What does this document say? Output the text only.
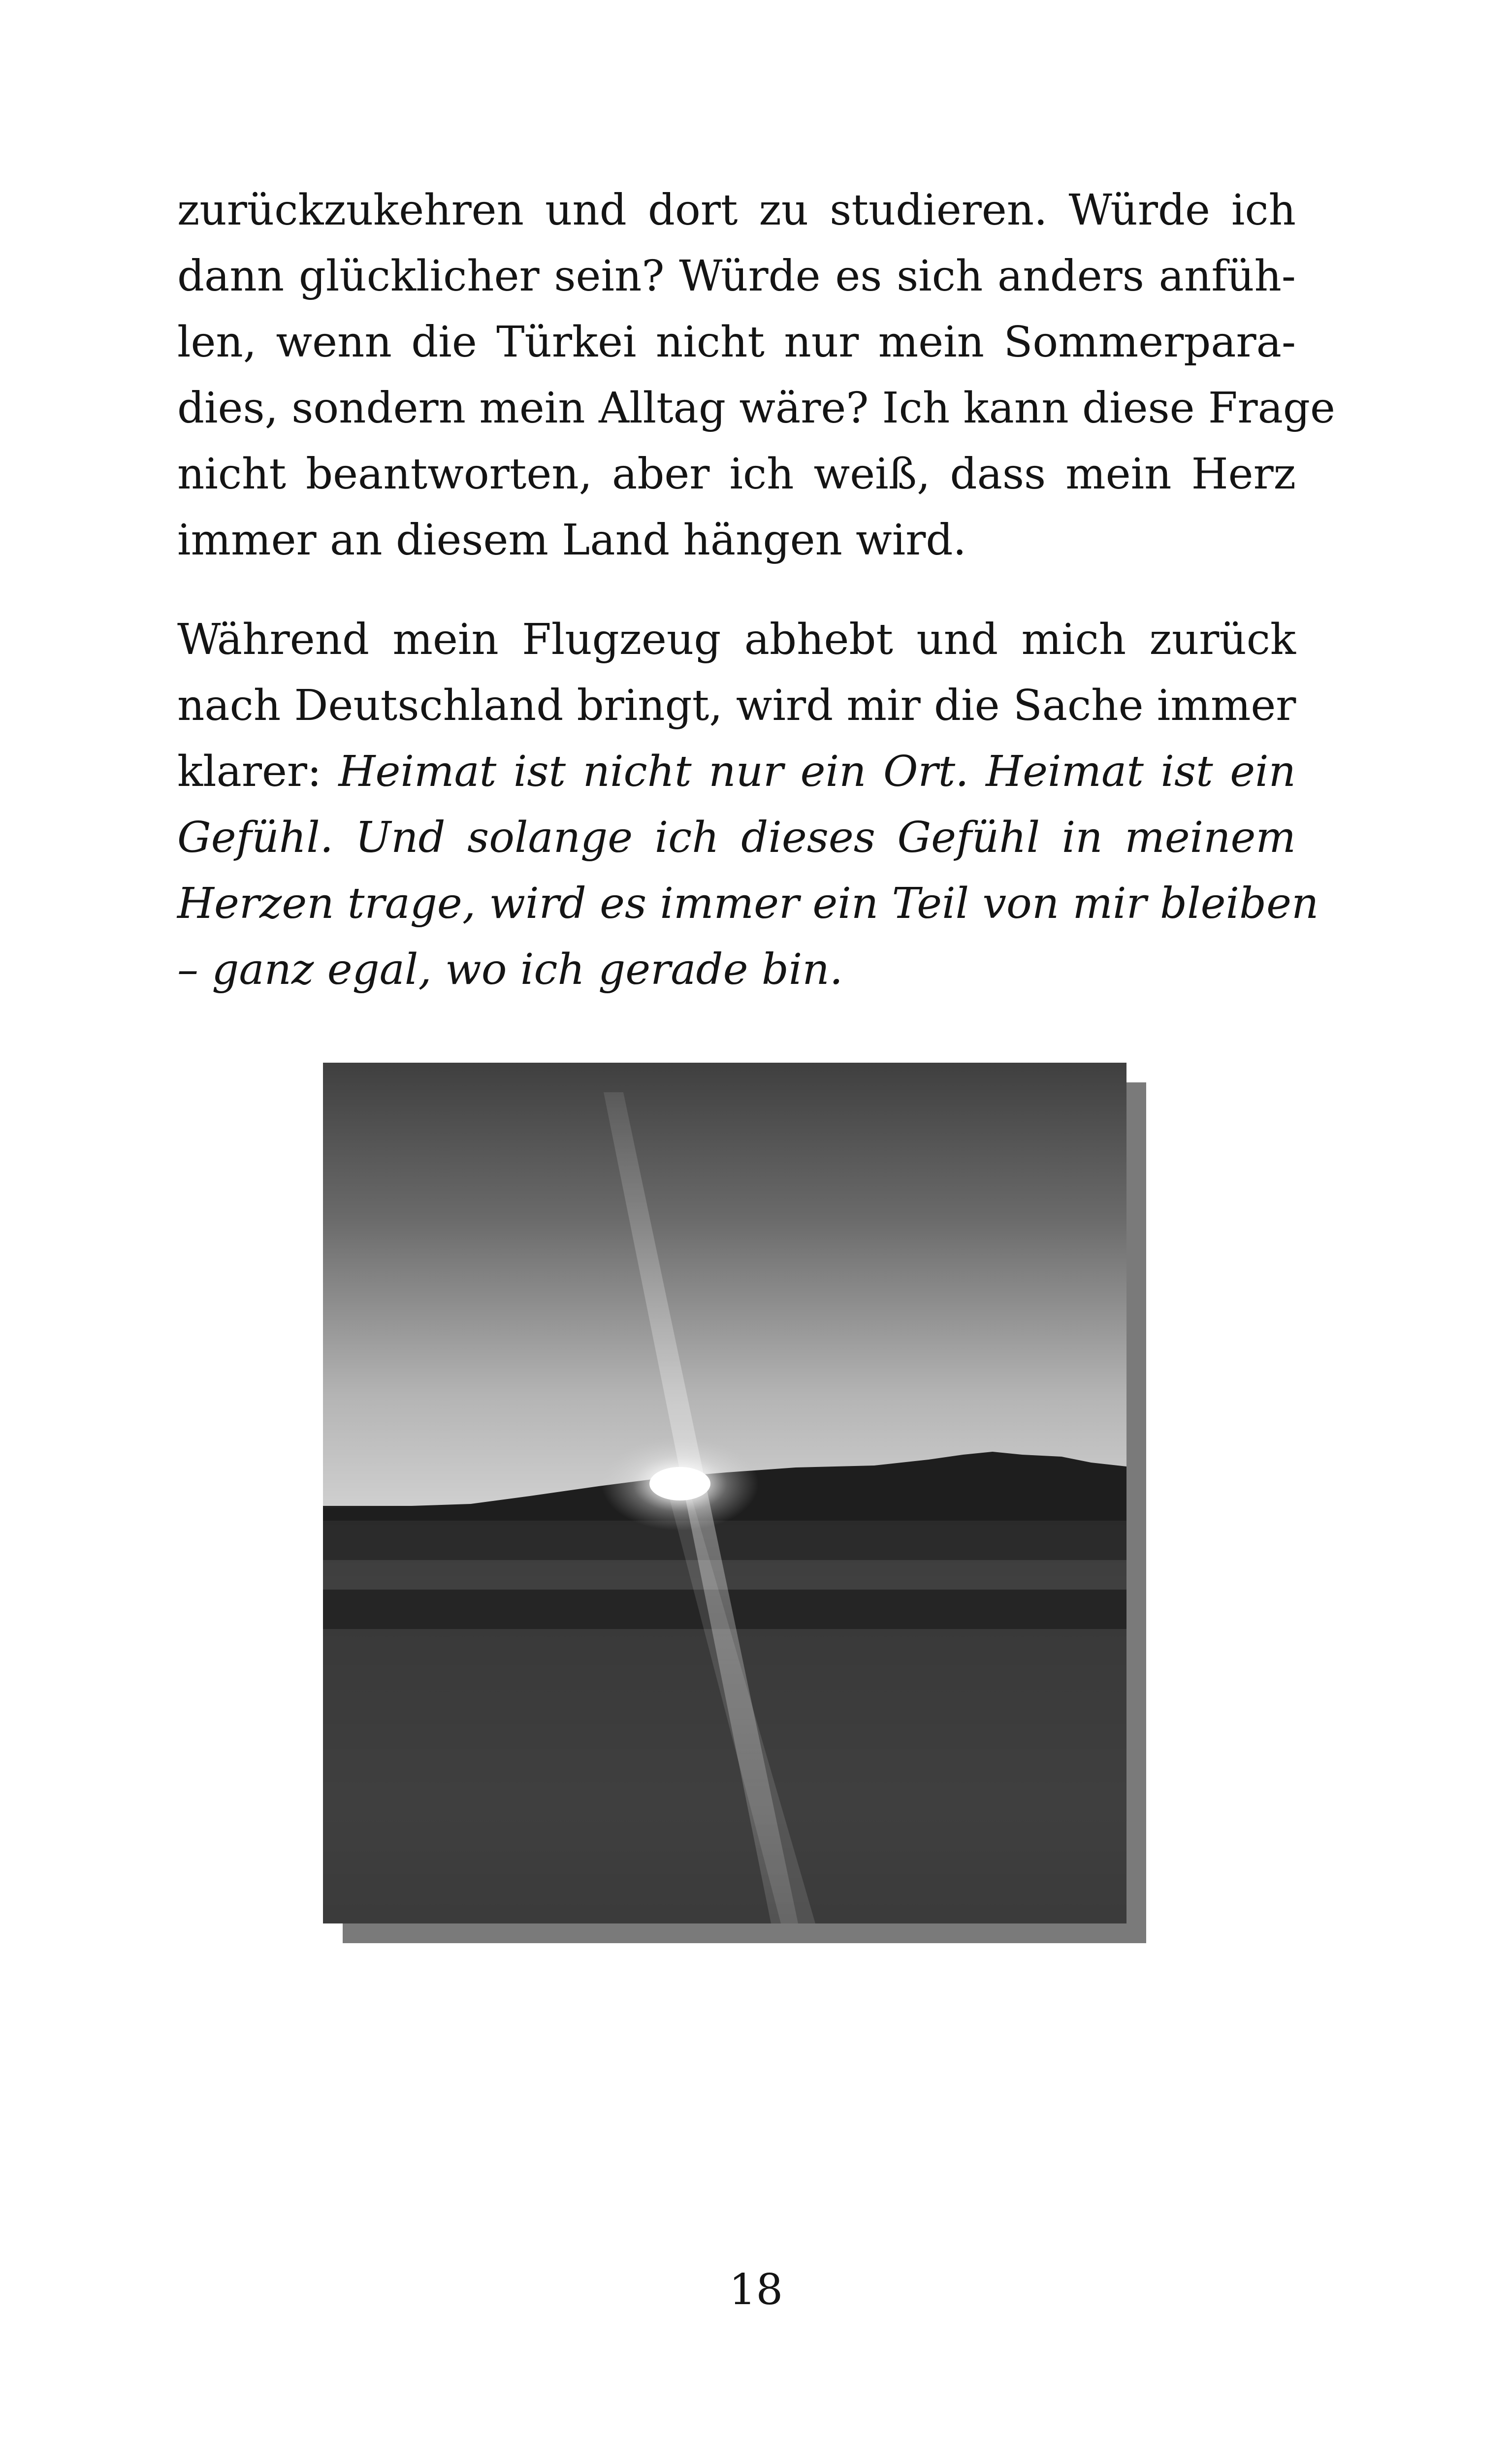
zurückzukehren und dort zu studieren. Würde ich
dann glücklicher sein? Würde es sich anders anfüh-
len, wenn die Türkei nicht nur mein Sommerpara-
dies, sondern mein Alltag wäre? Ich kann diese Frage
nicht beantworten, aber ich weiß, dass mein Herz
immer an diesem Land hängen wird.
Während mein Flugzeug abhebt und mich zurück
nach Deutschland bringt, wird mir die Sache immer
klarer: Heimat ist nicht nur ein Ort. Heimat ist ein
Gefühl. Und solange ich dieses Gefühl in meinem
Herzen trage, wird es immer ein Teil von mir bleiben
– ganz egal, wo ich gerade bin.
18
